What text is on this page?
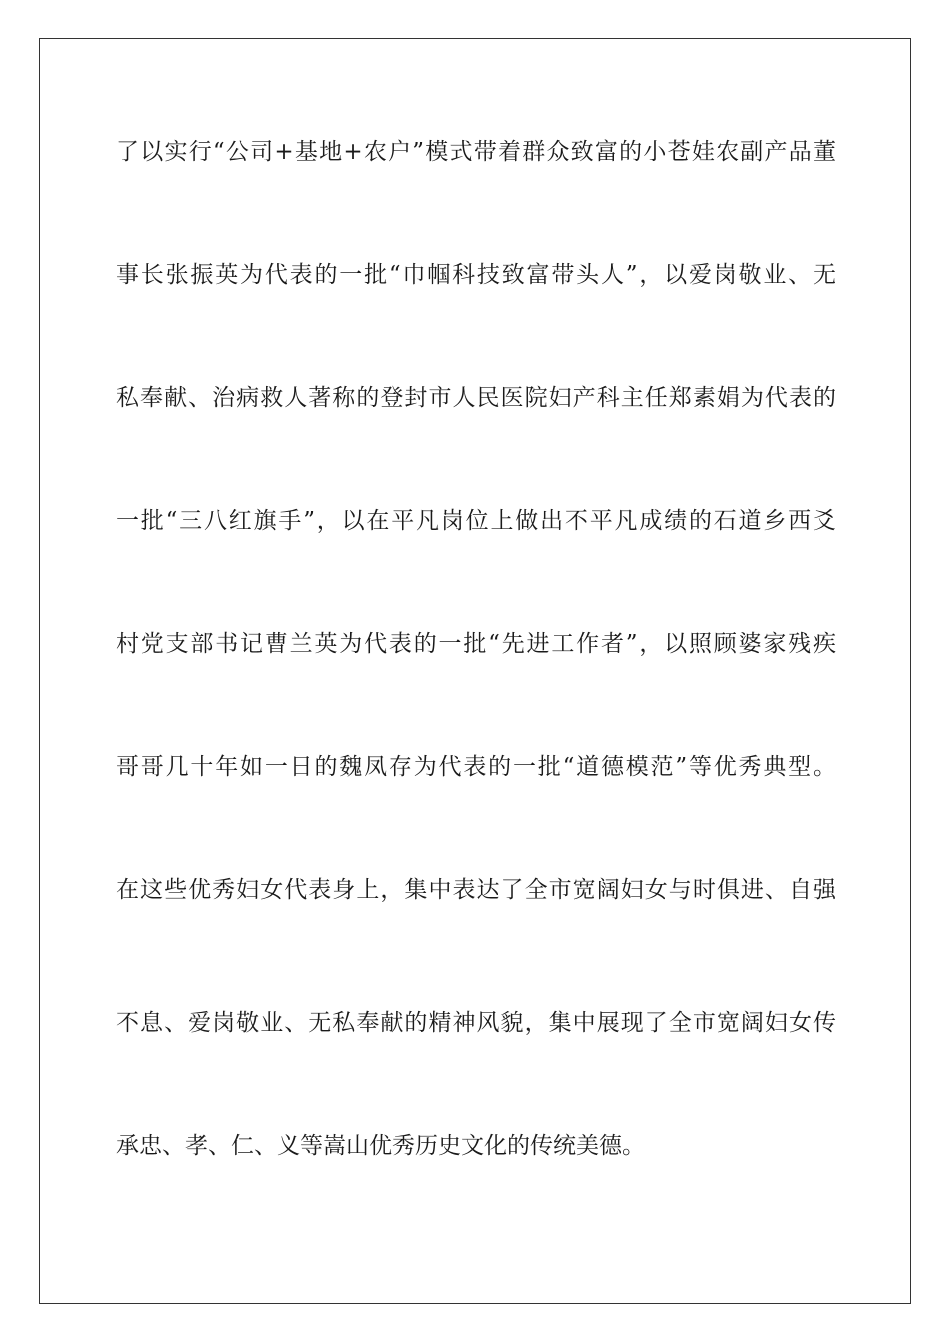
了以实行“公司+基地+农户”模式带着群众致富的小苍娃农副产品董
事长张振英为代表的一批“巾帼科技致富带头人”，以爱岗敬业、无
私奉献、治病救人著称的登封市人民医院妇产科主任郑素娟为代表的
一批“三八红旗手”，以在平凡岗位上做出不平凡成绩的石道乡西爻
村党支部书记曹兰英为代表的一批“先进工作者”，以照顾婆家残疾
哥哥几十年如一日的魏凤存为代表的一批“道德模范”等优秀典型。
在这些优秀妇女代表身上，集中表达了全市宽阔妇女与时俱进、自强
不息、爱岗敬业、无私奉献的精神风貌，集中展现了全市宽阔妇女传
承忠、孝、仁、义等嵩山优秀历史文化的传统美德。
